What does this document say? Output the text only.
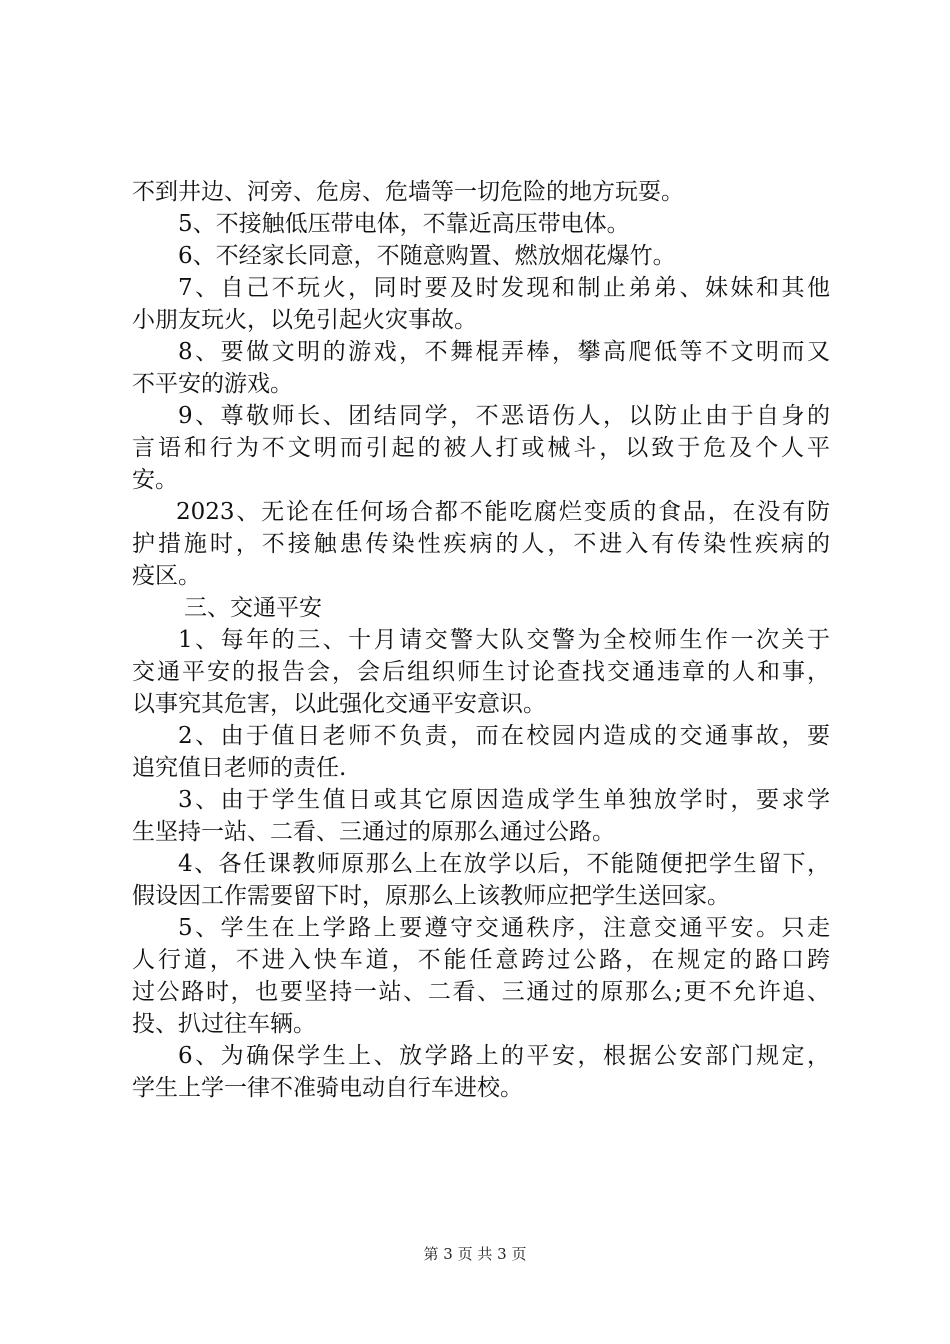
不到井边、河旁、危房、危墙等一切危险的地方玩耍。
5、不接触低压带电体，不靠近高压带电体。
6、不经家长同意，不随意购置、燃放烟花爆竹。
7、自己不玩火，同时要及时发现和制止弟弟、妹妹和其他
小朋友玩火，以免引起火灾事故。
8、要做文明的游戏，不舞棍弄棒，攀高爬低等不文明而又
不平安的游戏。
9、尊敬师长、团结同学，不恶语伤人，以防止由于自身的
言语和行为不文明而引起的被人打或械斗，以致于危及个人平
安。
2023、无论在任何场合都不能吃腐烂变质的食品，在没有防
护措施时，不接触患传染性疾病的人，不进入有传染性疾病的
疫区。
三、交通平安
1、每年的三、十月请交警大队交警为全校师生作一次关于
交通平安的报告会，会后组织师生讨论查找交通违章的人和事，
以事究其危害，以此强化交通平安意识。
2、由于值日老师不负责，而在校园内造成的交通事故，要
追究值日老师的责任.
3、由于学生值日或其它原因造成学生单独放学时，要求学
生坚持一站、二看、三通过的原那么通过公路。
4、各任课教师原那么上在放学以后，不能随便把学生留下，
假设因工作需要留下时，原那么上该教师应把学生送回家。
5、学生在上学路上要遵守交通秩序，注意交通平安。只走
人行道，不进入快车道，不能任意跨过公路，在规定的路口跨
过公路时，也要坚持一站、二看、三通过的原那么;更不允许追、
投、扒过往车辆。
6、为确保学生上、放学路上的平安，根据公安部门规定，
学生上学一律不准骑电动自行车进校。
第 3 页 共 3 页
